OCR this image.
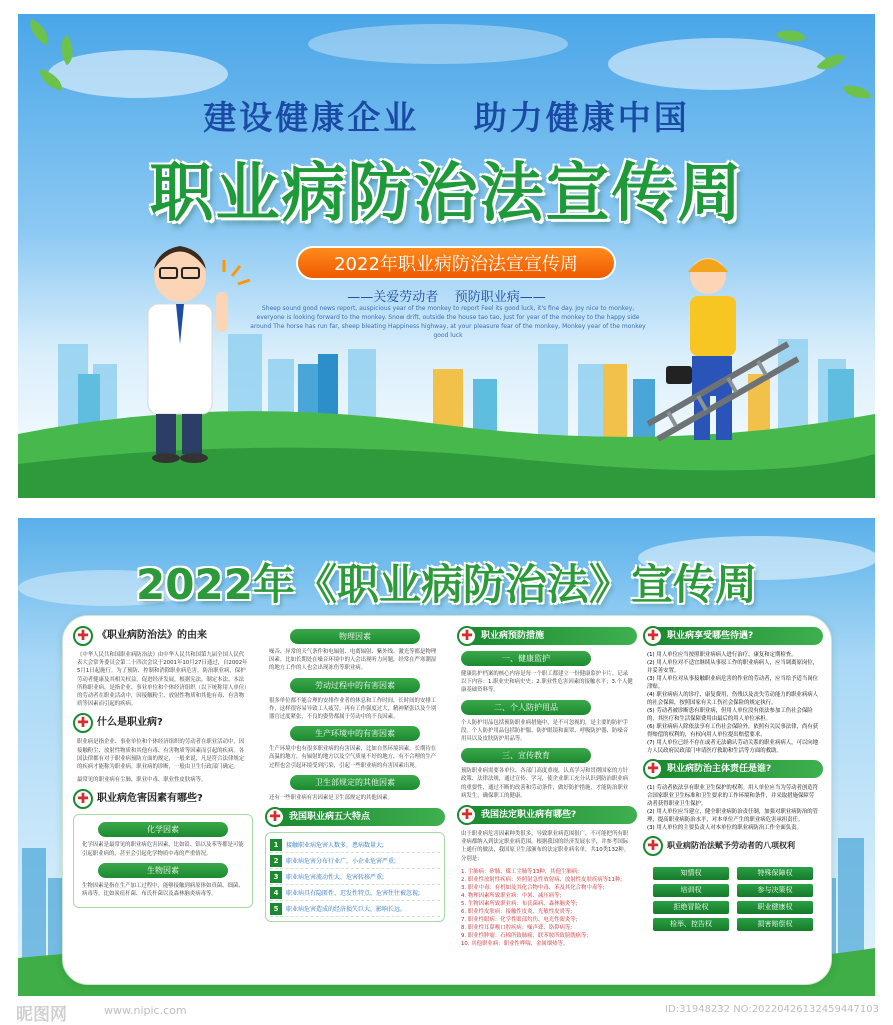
建设健康企业 助力健康中国
职业病防治法宣传周
2022年职业病防治法宣宣传周
——关爱劳动者 预防职业病——
Sheep sound good news report, auspicious year of the monkey to report Feel its good luck, it's fine day. Joy nice to monkey, everyone is looking forward to the monkey. Snow drift, outside the house tao tao, Just for year of the monkey to the happy side around The horse has run far, sheep bleating Happiness highway, at your pleasure fear of the monkey, Monkey year of the monkey good luck
2022年《职业病防治法》宣传周
✚ 《职业病防治法》的由来
《中华人民共和国职业病防治法》由中华人民共和国第九届全国人民代表大会常务委员会第二十四次会议于2001年10月27日通过，自2002年5月1日起施行。为了预防、控制和消除职业病危害，防治职业病，保护劳动者健康及其相关权益，促进经济发展，根据宪法，制定本法。本法所称职业病，是指企业、事业单位和个体经济组织（以下统称用人单位）的劳动者在职业活动中，因接触粉尘、放射性物质和其他有毒、有害物质等因素而引起的疾病。
✚ 什么是职业病?
职业病是指企业、事业单位和个体经济组织的劳动者在职业活动中，因接触粉尘、放射性物质和其他有毒、有害物质等因素而引起的疾病。各国法律都有对于职业病预防方面的规定，一般来说，凡是符合法律规定的疾病才能称为职业病。职业病的诊断，一般由卫生行政部门确定。
最常见的职业病有尘肺、职业中毒、职业性皮肤病等。
✚ 职业病危害因素有哪些?
化学因素
化学因素是最常见的职业病危害因素，比如铅、铝以及苯等都是可能引起职业病的，甚至会引起化学物质中毒的严重情况。
生物因素
生物因素是指在生产加工过程中，能够接触到病原体如真菌、细菌、病毒等，比如炭疽杆菌、布氏杆菌以及森林脑炎病毒等。
物理因素
噪音、异常的天气条件和电辐射、电离辐射、紫外线、激光等都是物理因素。比如长期处在噪音环境中的人会出现听力问题，经常在严寒潮湿的地方工作的人也会出现冻伤等职业病。
劳动过程中的有害因素
很多单位都不能合理的安排作业者的休息和工作时间，长时间的安排工作，这样很容易导致工人疲劳。再有工作强度过大，精神紧张以及个别器官过度紧张，不良的姿势都属于劳动中的不良因素。
生产环境中的有害因素
生产环境中也有很多职业病的有害因素，比如自然环境因素，长期待在高温的地方，有辐射的地方以及空气质量不好的地方，有不合理的生产过程也会引起环境受到污染，引起一些职业病的有害因素出现。
卫生部规定的其他因素
还有一些职业病有害因素是卫生部规定的其他因素。
✚ 我国职业病五大特点
1	接触职业病危害人数多，患病数量大;
2	职业病危害分布行业广，小企业危害严重;
3	职业病危害流动性大，危害转移严重;
4	职业病具有隐匿性、迟发性特点，危害往往被忽视;
5	职业病危害造成的经济损失巨大，影响长远。
✚ 职业病预防措施
一、健康监护
健康监护档案的核心内容是每一个职工都建立一份健康监护卡片。记录以下内容：1.职业史和病史史；2.职业性危害因素的接触水平；3.个人健康基础资料等。
二、个人防护用品
个人防护用品包括预防职业病措施中，是不可忽视的，是主要的防护手段。个人防护用品包括防护服、防护眼镜和面罩、呼吸防护器、防噪音用具以及皮肤防护用品等。
三、宣传教育
预防职业病需要各单位、各部门高度重视，认真学习和贯彻国家的方针政策、法律法规，通过宣传、学习，使企业职工充分认识到防治职业病的重要性，通过不断的改善和劳动条件，做好防护措施，才能防治职业病发生，确保职工的健康。
✚ 我国法定职业病有哪些?
由于职业病危害因素种类很多，导致职业病范围很广，不可能把所有职业病都纳入到法定职业病范围。根据我国的经济发展水平，并参考国际上通行的做法，我国原卫生部颁布的法定职业病名单，共10类132种。分别是：
1. 尘肺病：矽肺、煤工尘肺等13种，其他尘肺病;
2. 职业性放射性疾病：外照射急性放射病、放射性皮肤疾病等11种;
3. 职业中毒：有机如及其化合物中毒、苯及其化合物中毒等;
4. 物理因素所致职业病：中暑、减压病等;
5. 生物因素所致职业病：布氏菌病、森林脑炎等;
6. 职业性皮肤病：接触性皮炎、光敏性皮炎等;
7. 职业性眼病：化学性眼部灼伤、电光性眼炎等;
8. 职业性耳鼻喉口腔疾病：噪声聋、铬鼻病等;
9. 职业性肿瘤：石棉所致肺癌、联苯胺所致膀胱癌等;
10. 其他职业病：职业性哮喘、金属烟热等。
✚ 职业病享受哪些待遇?
(1) 用人单位应当按照职业病病人进行治疗、康复和定期检查。
(2) 用人单位对不适宜继续从事原工作的职业病病人，应当调离原岗位，并妥善安置。
(3) 用人单位对从事接触职业病危害的作业的劳动者，应当给予适当岗位津贴。
(4) 职业病病人的诊疗、康复费用，伤残以及丧失劳动能力的职业病病人的社会保障，按照国家有关工伤社会保险的规定执行。
(5) 劳动者被诊断患有职业病，但用人单位没有依法参加工伤社会保险的，其医疗和生活保障费用由最后的用人单位承担。
(6) 职业病病人除依法享有工伤社会保险外，依照有关民事法律，尚有获得赔偿的权利的，有权向用人单位提出赔偿要求。
(7) 用人单位已经不存在或者无法确认劳动关系的职业病病人，可以向地方人民政府民政部门申请医疗救助和生活等方面的救助。
✚ 职业病防治主体责任是谁?
(1) 劳动者依法享有职业卫生保护的权利。用人单位应当为劳动者创造符合国家职业卫生标准和卫生要求的工作环境和条件，并采取措施保障劳动者获得职业卫生保护。
(2) 用人单位应当建立、健全职业病防治责任制，加强对职业病防治的管理，提高职业病防治水平，对本单位产生的职业病危害承担责任。
(3) 用人单位的主要负责人对本单位的职业病防治工作全面负责。
✚	职业病防治法赋予劳动者的八项权利
知情权	特殊保障权
培训权	参与决策权
拒绝冒险权	职业健康权
检举、控告权	损害赔偿权
昵图网	www.nipic.com	ID:31948232 NO:20220426132459447103
